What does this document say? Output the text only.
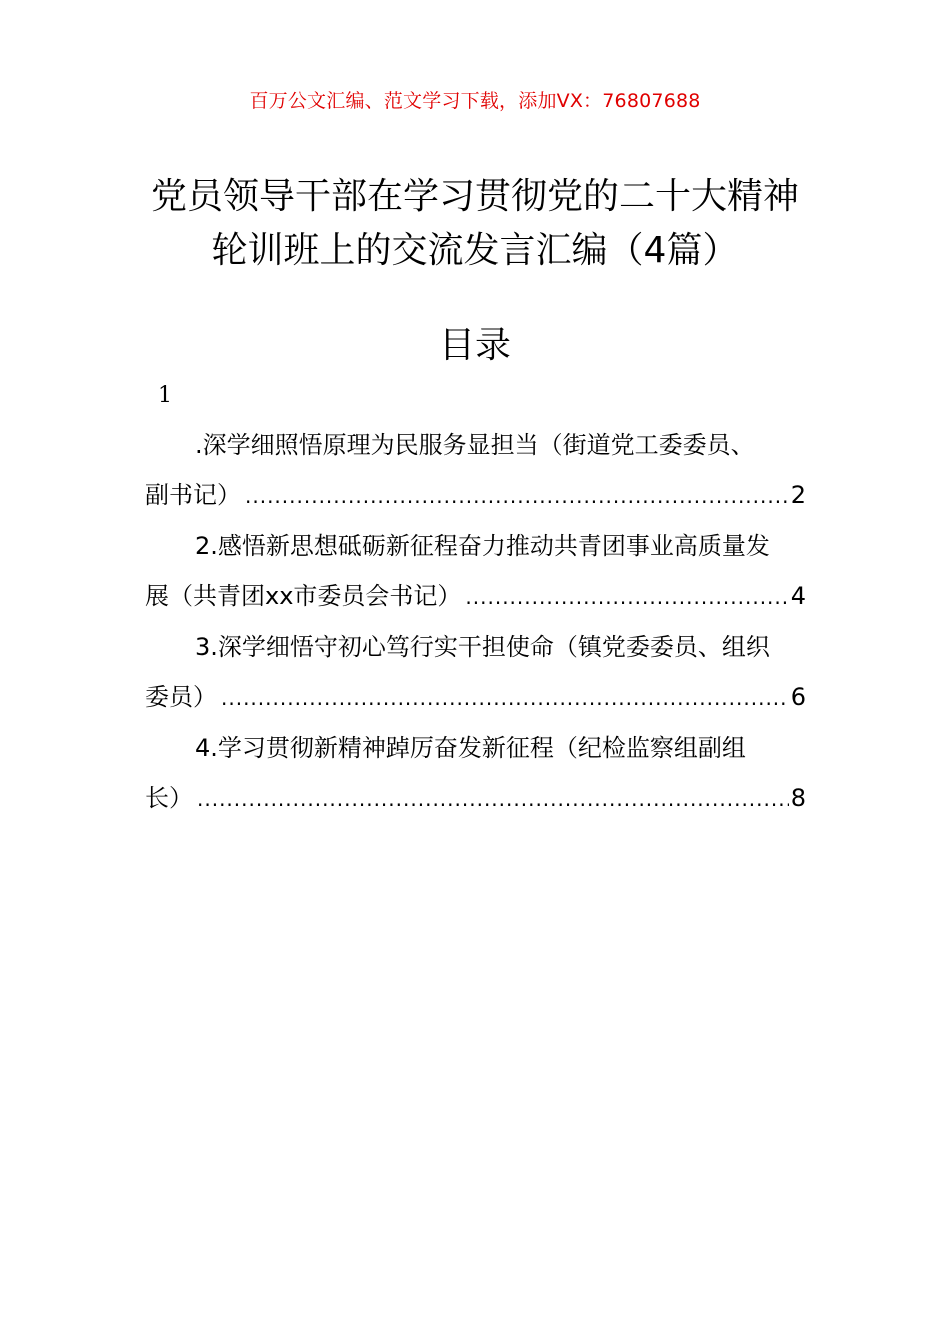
百万公文汇编、范文学习下载，添加VX：76807688
党员领导干部在学习贯彻党的二十大精神
轮训班上的交流发言汇编（4篇）
目录
1
.深学细照悟原理为民服务显担当（街道党工委委员、
副书记） .....	2
2.感悟新思想砥砺新征程奋力推动共青团事业高质量发
展（共青团xx市委员会书记） .....	4
3.深学细悟守初心笃行实干担使命（镇党委委员、组织
委员） .....	6
4.学习贯彻新精神踔厉奋发新征程（纪检监察组副组
长） .....	8
